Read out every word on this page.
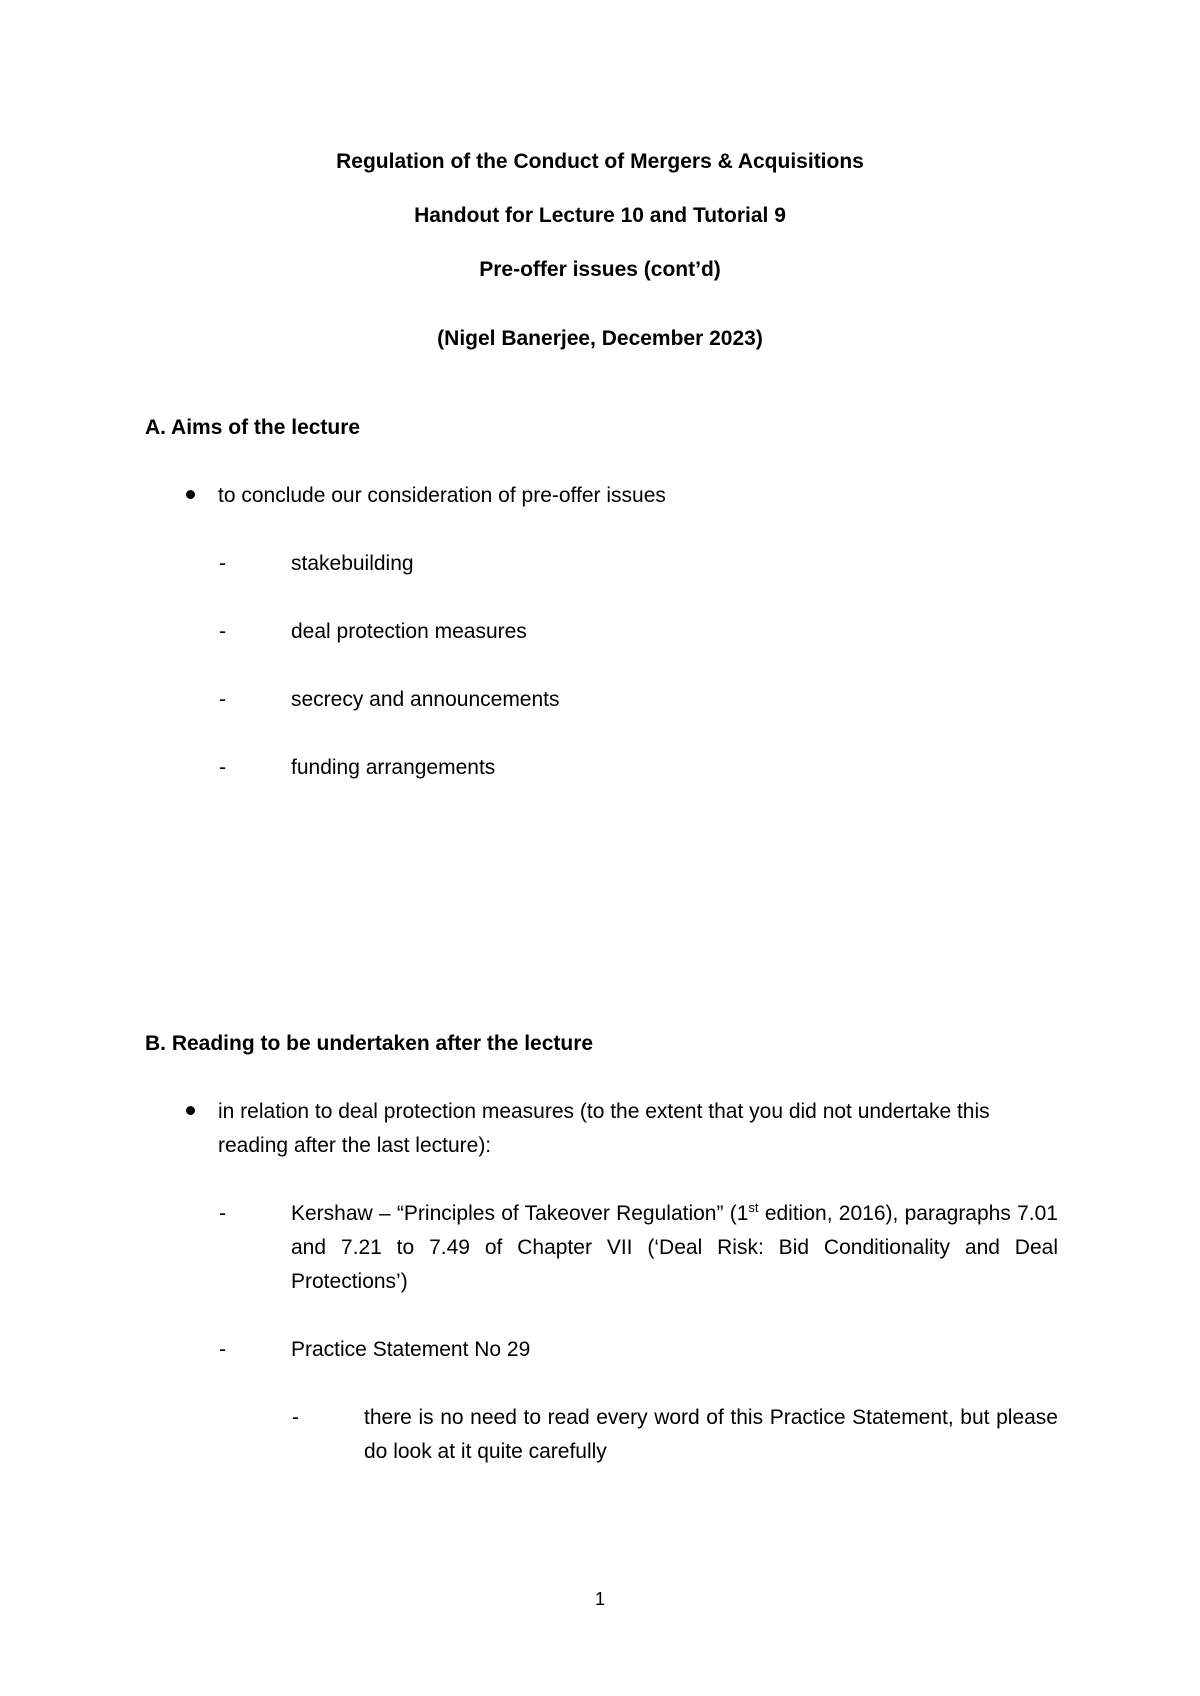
Regulation of the Conduct of Mergers & Acquisitions
Handout for Lecture 10 and Tutorial 9
Pre-offer issues (cont’d)
(Nigel Banerjee, December 2023)
A. Aims of the lecture
to conclude our consideration of pre-offer issues
-	stakebuilding
-	deal protection measures
-	secrecy and announcements
-	funding arrangements
B. Reading to be undertaken after the lecture
in relation to deal protection measures (to the extent that you did not undertake this reading after the last lecture):
-	Kershaw – “Principles of Takeover Regulation” (1st edition, 2016), paragraphs 7.01 and 7.21 to 7.49 of Chapter VII (‘Deal Risk: Bid Conditionality and Deal Protections’)
-	Practice Statement No 29
-	there is no need to read every word of this Practice Statement, but please do look at it quite carefully
1
